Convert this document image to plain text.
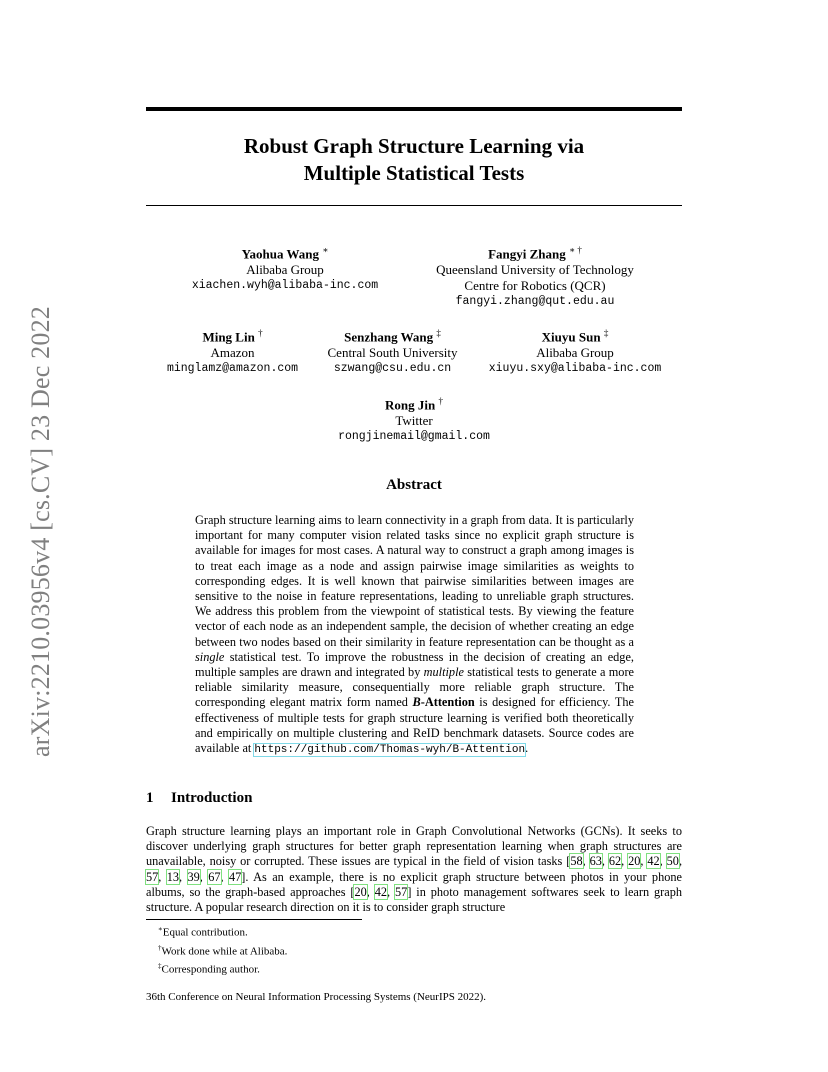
arXiv:2210.03956v4 [cs.CV] 23 Dec 2022
Robust Graph Structure Learning via
Multiple Statistical Tests
Yaohua Wang ∗
Alibaba Group
xiachen.wyh@alibaba-inc.com
Fangyi Zhang ∗ †
Queensland University of Technology
Centre for Robotics (QCR)
fangyi.zhang@qut.edu.au
Ming Lin †
Amazon
minglamz@amazon.com
Senzhang Wang ‡
Central South University
szwang@csu.edu.cn
Xiuyu Sun ‡
Alibaba Group
xiuyu.sxy@alibaba-inc.com
Rong Jin †
Twitter
rongjinemail@gmail.com
Abstract
Graph structure learning aims to learn connectivity in a graph from data. It is particularly important for many computer vision related tasks since no explicit graph structure is available for images for most cases. A natural way to construct a graph among images is to treat each image as a node and assign pairwise image similarities as weights to corresponding edges. It is well known that pairwise similarities between images are sensitive to the noise in feature representations, leading to unreliable graph structures. We address this problem from the viewpoint of statistical tests. By viewing the feature vector of each node as an independent sample, the decision of whether creating an edge between two nodes based on their similarity in feature representation can be thought as a single statistical test. To improve the robustness in the decision of creating an edge, multiple samples are drawn and integrated by multiple statistical tests to generate a more reliable similarity measure, consequentially more reliable graph structure. The corresponding elegant matrix form named B-Attention is designed for efficiency. The effectiveness of multiple tests for graph structure learning is verified both theoretically and empirically on multiple clustering and ReID benchmark datasets. Source codes are available at https://github.com/Thomas-wyh/B-Attention.
1 Introduction
Graph structure learning plays an important role in Graph Convolutional Networks (GCNs). It seeks to discover underlying graph structures for better graph representation learning when graph structures are unavailable, noisy or corrupted. These issues are typical in the field of vision tasks [58, 63, 62, 20, 42, 50, 57, 13, 39, 67, 47]. As an example, there is no explicit graph structure between photos in your phone albums, so the graph-based approaches [20, 42, 57] in photo management softwares seek to learn graph structure. A popular research direction on it is to consider graph structure
∗Equal contribution.
†Work done while at Alibaba.
‡Corresponding author.
36th Conference on Neural Information Processing Systems (NeurIPS 2022).
